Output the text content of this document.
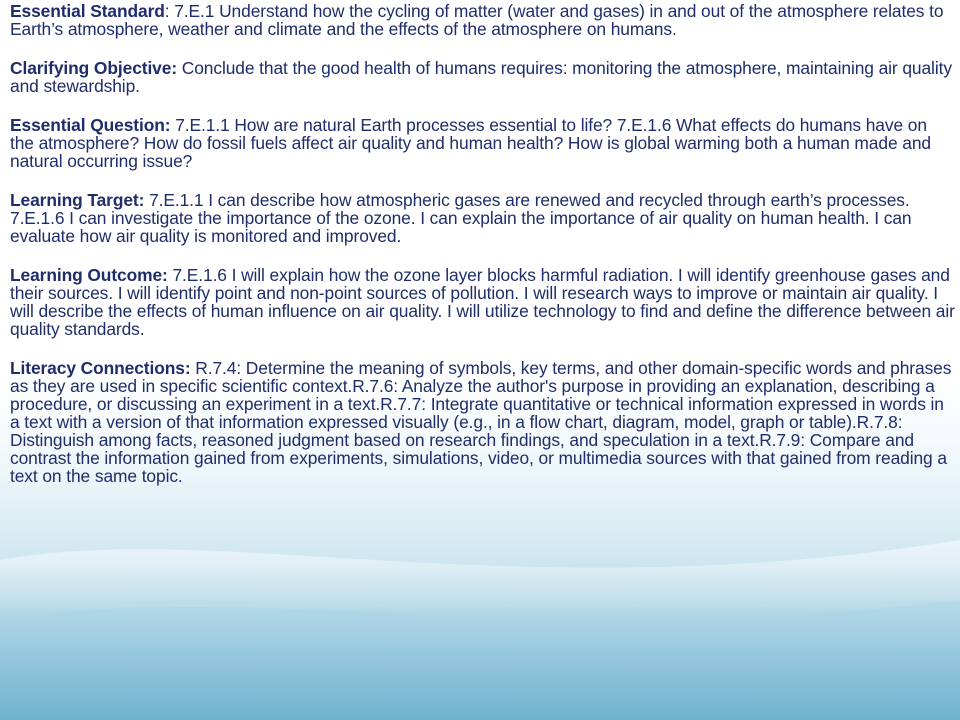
Essential Standard: 7.E.1 Understand how the cycling of matter (water and gases) in and out of the atmosphere relates to Earth’s atmosphere, weather and climate and the effects of the atmosphere on humans.

Clarifying Objective: Conclude that the good health of humans requires: monitoring the atmosphere, maintaining air quality and stewardship.

Essential Question: 7.E.1.1 How are natural Earth processes essential to life? 7.E.1.6 What effects do humans have on the atmosphere? How do fossil fuels affect air quality and human health? How is global warming both a human made and natural occurring issue?

Learning Target: 7.E.1.1 I can describe how atmospheric gases are renewed and recycled through earth’s processes. 7.E.1.6 I can investigate the importance of the ozone. I can explain the importance of air quality on human health. I can evaluate how air quality is monitored and improved.

Learning Outcome: 7.E.1.6 I will explain how the ozone layer blocks harmful radiation. I will identify greenhouse gases and their sources. I will identify point and non-point sources of pollution. I will research ways to improve or maintain air quality. I will describe the effects of human influence on air quality. I will utilize technology to find and define the difference between air quality standards.

Literacy Connections: R.7.4: Determine the meaning of symbols, key terms, and other domain-specific words and phrases as they are used in specific scientific context.R.7.6: Analyze the author's purpose in providing an explanation, describing a procedure, or discussing an experiment in a text.R.7.7: Integrate quantitative or technical information expressed in words in a text with a version of that information expressed visually (e.g., in a flow chart, diagram, model, graph or table).R.7.8: Distinguish among facts, reasoned judgment based on research findings, and speculation in a text.R.7.9: Compare and contrast the information gained from experiments, simulations, video, or multimedia sources with that gained from reading a text on the same topic.
